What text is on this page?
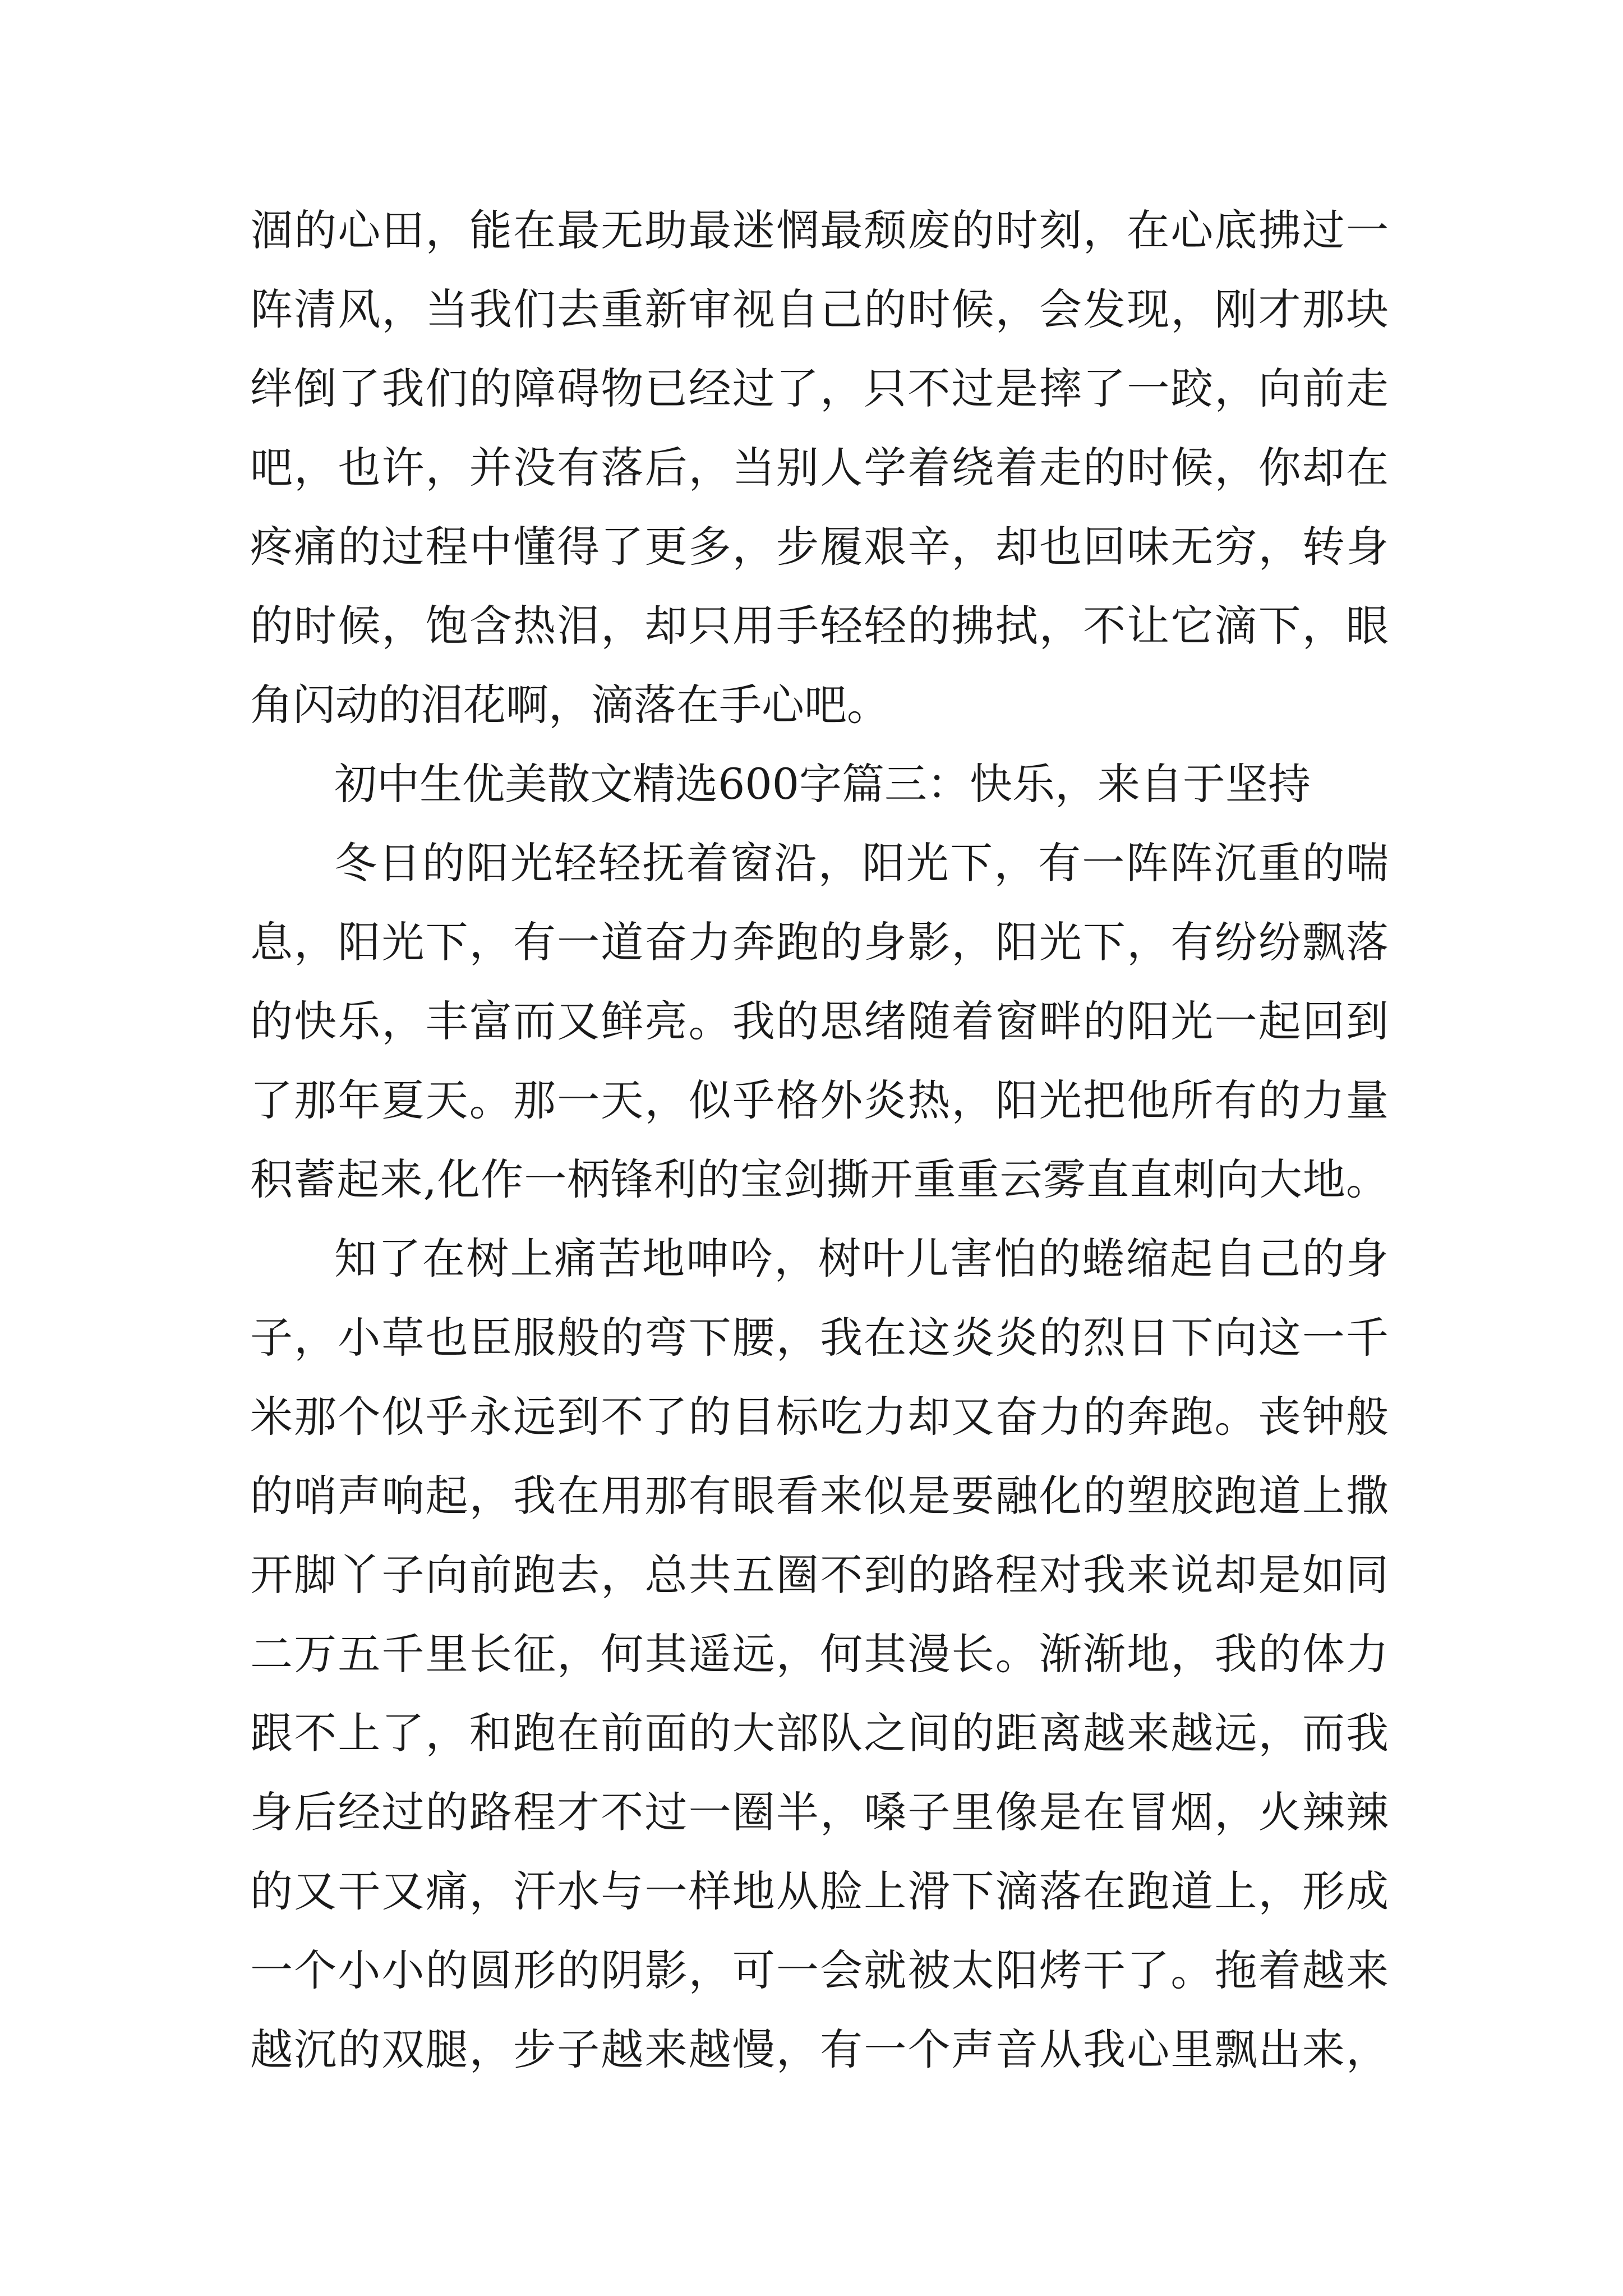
涸的心田，能在最无助最迷惘最颓废的时刻，在心底拂过一
阵清风，当我们去重新审视自己的时候，会发现，刚才那块
绊倒了我们的障碍物已经过了，只不过是摔了一跤，向前走
吧，也许，并没有落后，当别人学着绕着走的时候，你却在
疼痛的过程中懂得了更多，步履艰辛，却也回味无穷，转身
的时候，饱含热泪，却只用手轻轻的拂拭，不让它滴下，眼
角闪动的泪花啊，滴落在手心吧。
初中生优美散文精选600字篇三：快乐，来自于坚持
冬日的阳光轻轻抚着窗沿，阳光下，有一阵阵沉重的喘
息，阳光下，有一道奋力奔跑的身影，阳光下，有纷纷飘落
的快乐，丰富而又鲜亮。我的思绪随着窗畔的阳光一起回到
了那年夏天。那一天，似乎格外炎热，阳光把他所有的力量
积蓄起来,化作一柄锋利的宝剑撕开重重云雾直直刺向大地。
知了在树上痛苦地呻吟，树叶儿害怕的蜷缩起自己的身
子，小草也臣服般的弯下腰，我在这炎炎的烈日下向这一千
米那个似乎永远到不了的目标吃力却又奋力的奔跑。丧钟般
的哨声响起，我在用那有眼看来似是要融化的塑胶跑道上撒
开脚丫子向前跑去，总共五圈不到的路程对我来说却是如同
二万五千里长征，何其遥远，何其漫长。渐渐地，我的体力
跟不上了，和跑在前面的大部队之间的距离越来越远，而我
身后经过的路程才不过一圈半，嗓子里像是在冒烟，火辣辣
的又干又痛，汗水与一样地从脸上滑下滴落在跑道上，形成
一个小小的圆形的阴影，可一会就被太阳烤干了。拖着越来
越沉的双腿，步子越来越慢，有一个声音从我心里飘出来，
